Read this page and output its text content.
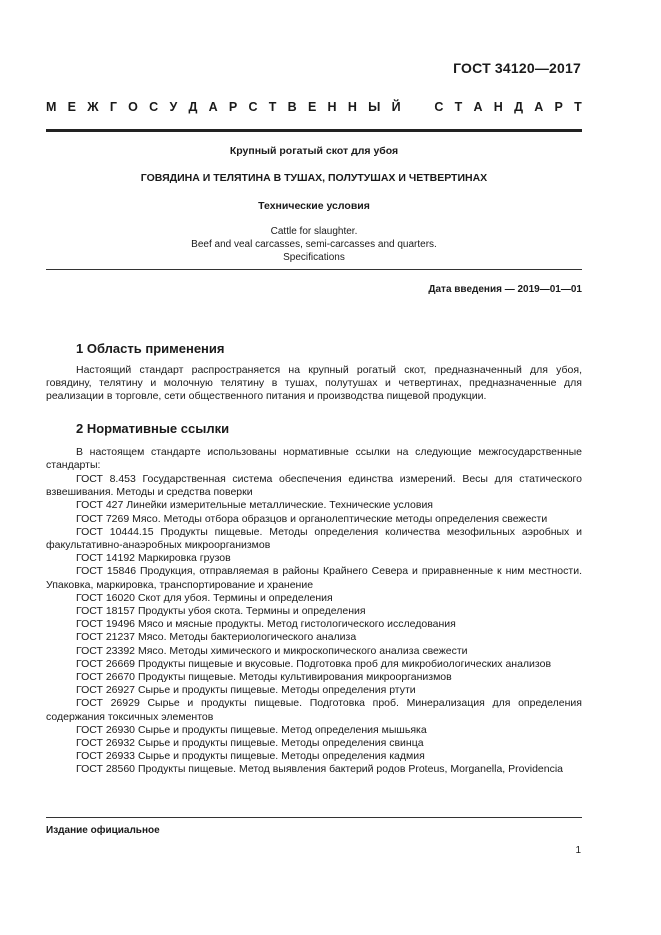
ГОСТ 34120—2017
М Е Ж Г О С У Д А Р С Т В Е Н Н Ы Й	С Т А Н Д А Р Т
Крупный рогатый скот для убоя
ГОВЯДИНА И ТЕЛЯТИНА В ТУШАХ, ПОЛУТУШАХ И ЧЕТВЕРТИНАХ
Технические условия
Cattle for slaughter.
Beef and veal carcasses, semi-carcasses and quarters.
Specifications
Дата введения — 2019—01—01
1 Область применения
Настоящий стандарт распространяется на крупный рогатый скот, предназначенный для убоя, говядину, телятину и молочную телятину в тушах, полутушах и четвертинах, предназначенные для реализации в торговле, сети общественного питания и производства пищевой продукции.
2 Нормативные ссылки
В настоящем стандарте использованы нормативные ссылки на следующие межгосударственные стандарты:
ГОСТ 8.453 Государственная система обеспечения единства измерений. Весы для статического взвешивания. Методы и средства поверки
ГОСТ 427 Линейки измерительные металлические. Технические условия
ГОСТ 7269 Мясо. Методы отбора образцов и органолептические методы определения свежести
ГОСТ 10444.15 Продукты пищевые. Методы определения количества мезофильных аэробных и факультативно-анаэробных микроорганизмов
ГОСТ 14192 Маркировка грузов
ГОСТ 15846 Продукция, отправляемая в районы Крайнего Севера и приравненные к ним местности. Упаковка, маркировка, транспортирование и хранение
ГОСТ 16020 Скот для убоя. Термины и определения
ГОСТ 18157 Продукты убоя скота. Термины и определения
ГОСТ 19496 Мясо и мясные продукты. Метод гистологического исследования
ГОСТ 21237 Мясо. Методы бактериологического анализа
ГОСТ 23392 Мясо. Методы химического и микроскопического анализа свежести
ГОСТ 26669 Продукты пищевые и вкусовые. Подготовка проб для микробиологических анализов
ГОСТ 26670 Продукты пищевые. Методы культивирования микроорганизмов
ГОСТ 26927 Сырье и продукты пищевые. Методы определения ртути
ГОСТ 26929 Сырье и продукты пищевые. Подготовка проб. Минерализация для определения содержания токсичных элементов
ГОСТ 26930 Сырье и продукты пищевые. Метод определения мышьяка
ГОСТ 26932 Сырье и продукты пищевые. Методы определения свинца
ГОСТ 26933 Сырье и продукты пищевые. Методы определения кадмия
ГОСТ 28560 Продукты пищевые. Метод выявления бактерий родов Proteus, Morganella, Providencia
Издание официальное
1
